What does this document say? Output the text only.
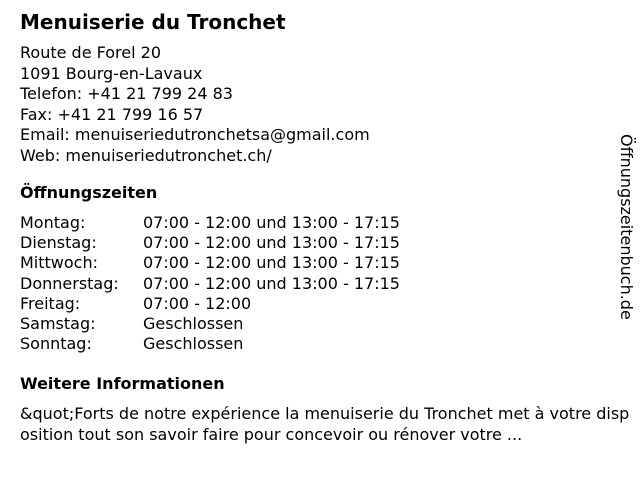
Menuiserie du Tronchet
Route de Forel 20
1091 Bourg-en-Lavaux
Telefon: +41 21 799 24 83
Fax: +41 21 799 16 57
Email: menuiseriedutronchetsa@gmail.com
Web: menuiseriedutronchet.ch/
Öffnungszeiten
Montag:	07:00 - 12:00 und 13:00 - 17:15
Dienstag:	07:00 - 12:00 und 13:00 - 17:15
Mittwoch:	07:00 - 12:00 und 13:00 - 17:15
Donnerstag: 07:00 - 12:00 und 13:00 - 17:15
Freitag:	07:00 - 12:00
Samstag:	Geschlossen
Sonntag:	Geschlossen
Weitere Informationen
&quot;Forts de notre expérience la menuiserie du Tronchet met à votre disposition tout son savoir faire pour concevoir ou rénover votre ...
Öffnungszeitenbuch.de
